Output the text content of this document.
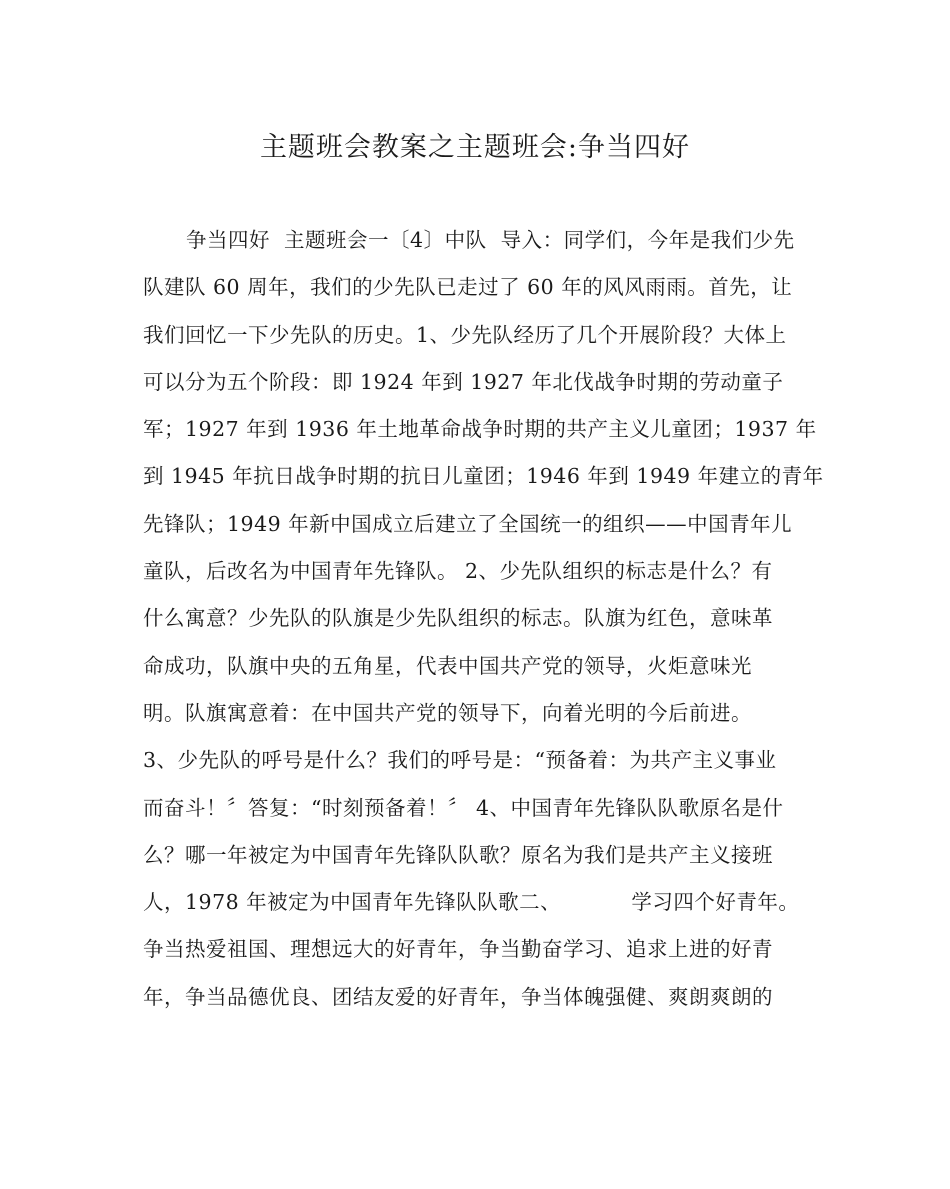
主题班会教案之主题班会:争当四好
争当四好  主题班会一〔4〕中队  导入：同学们，今年是我们少先
队建队 60 周年，我们的少先队已走过了 60 年的风风雨雨。首先，让
我们回忆一下少先队的历史。1、少先队经历了几个开展阶段？大体上
可以分为五个阶段：即 1924 年到 1927 年北伐战争时期的劳动童子
军；1927 年到 1936 年土地革命战争时期的共产主义儿童团；1937 年
到 1945 年抗日战争时期的抗日儿童团；1946 年到 1949 年建立的青年
先锋队；1949 年新中国成立后建立了全国统一的组织——中国青年儿
童队，后改名为中国青年先锋队。 2、少先队组织的标志是什么？有
什么寓意？少先队的队旗是少先队组织的标志。队旗为红色，意味革
命成功，队旗中央的五角星，代表中国共产党的领导，火炬意味光
明。队旗寓意着：在中国共产党的领导下，向着光明的今后前进。
3、少先队的呼号是什么？我们的呼号是：“预备着：为共产主义事业
而奋斗！〞答复：“时刻预备着！〞 4、中国青年先锋队队歌原名是什
么？哪一年被定为中国青年先锋队队歌？原名为我们是共产主义接班
人，1978 年被定为中国青年先锋队队歌二、          学习四个好青年。
争当热爱祖国、理想远大的好青年，争当勤奋学习、追求上进的好青
年，争当品德优良、团结友爱的好青年，争当体魄强健、爽朗爽朗的
